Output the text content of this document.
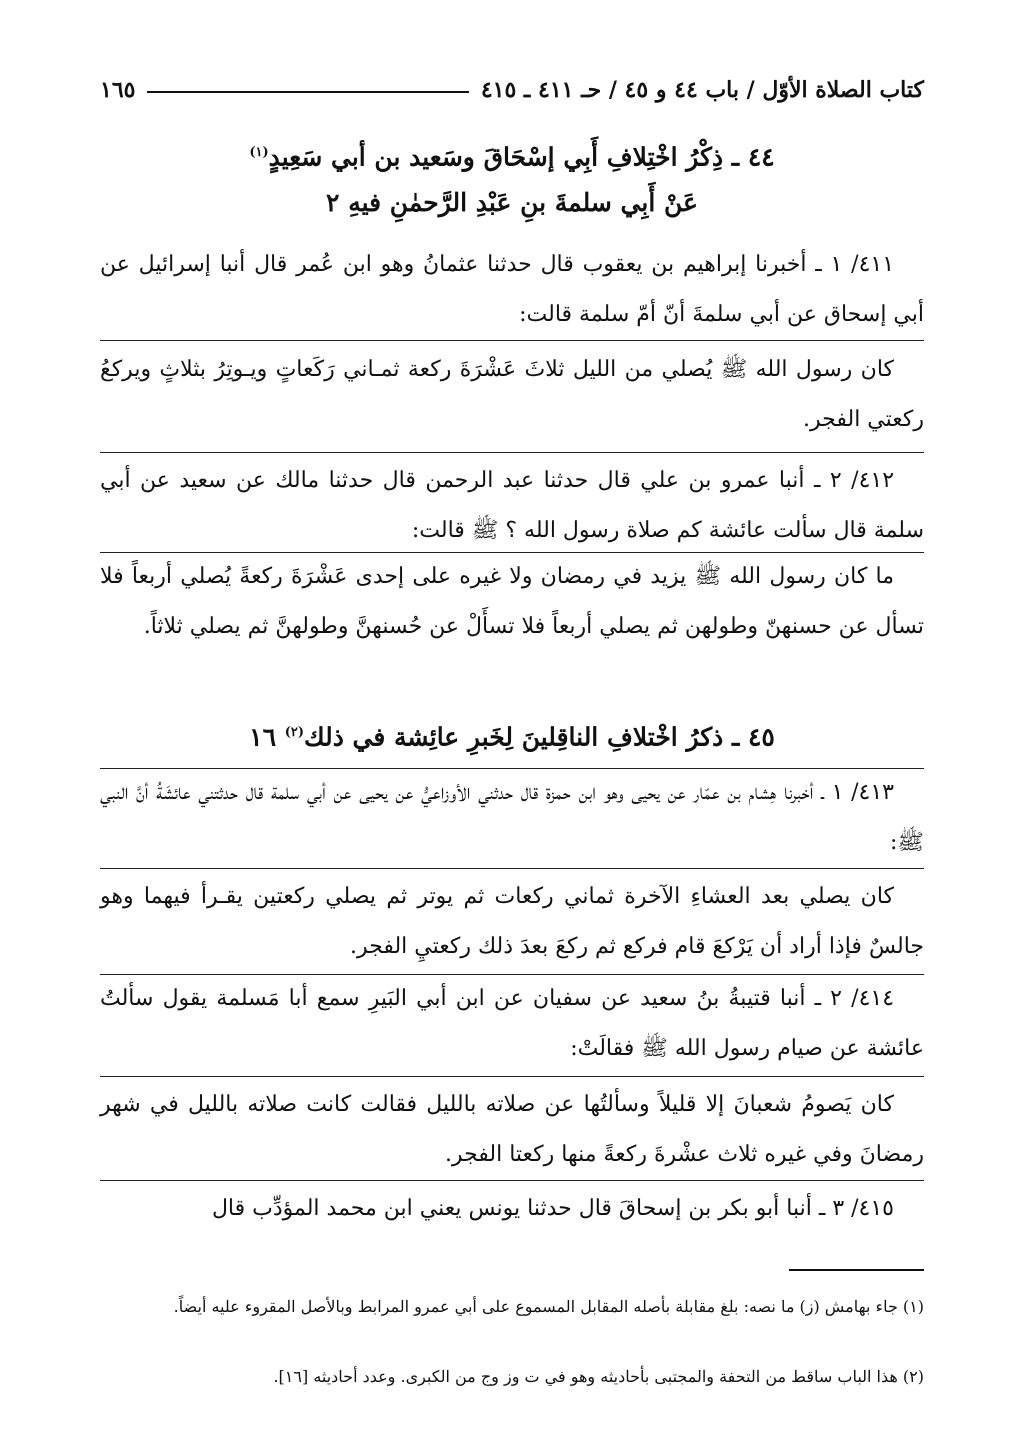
كتاب الصلاة الأوّل / باب ٤٤ و ٤٥ / حـ ٤١١ ـ ٤١٥
١٦٥
٤٤ ـ ذِكْرُ اخْتِلافِ أَبِي إسْحَاقَ وسَعيد بن أبي سَعِيدٍ$^{(١)}$
عَنْ أَبِي سلمةَ بنِ عَبْدِ الرَّحمٰنِ فيهِ ٢
٤١١/ ١ ـ أخبرنا إبراهيم بن يعقوب قال حدثنا عثمانُ وهو ابن عُمر قال أنبا إسرائيل عن أبي إسحاق عن أبي سلمةَ أنّ أمّ سلمة قالت:
كان رسول الله ﷺ يُصلي من الليل ثلاثَ عَشْرَةَ ركعة ثمـاني رَكَعاتٍ ويـوتِرُ بثلاثٍ ويركعُ ركعتي الفجر.
٤١٢/ ٢ ـ أنبا عمرو بن علي قال حدثنا عبد الرحمن قال حدثنا مالك عن سعيد عن أبي سلمة قال سألت عائشة كم صلاة رسول الله ؟ ﷺ قالت:
ما كان رسول الله ﷺ يزيد في رمضان ولا غيره على إحدى عَشْرَةَ ركعةً يُصلي أربعاً فلا تسأل عن حسنهنّ وطولهن ثم يصلي أربعاً فلا تسأَلْ عن حُسنهنَّ وطولهنَّ ثم يصلي ثلاثاً.
٤٥ ـ ذكرُ اخْتلافِ الناقِلينَ لِخَبرِ عائِشة في ذلك$^{(٢)}$ ١٦
٤١٣/ ١ ـ أخبرنا هِشام بن عمّار عن يحيى وهو ابن حمزة قال حدثني الأوزاعيُّ عن يحيى عن أبي سلمة قال حدثتني عائشَةُ أنَّ النبي ﷺ:
كان يصلي بعد العشاءِ الآخرة ثماني ركعات ثم يوتر ثم يصلي ركعتين يقـرأ فيهما وهو جالسٌ فإذا أراد أن يَرْكعَ قام فركع ثم ركعَ بعدَ ذلك ركعتيِ الفجر.
٤١٤/ ٢ ـ أنبا قتيبةُ بنُ سعيد عن سفيان عن ابن أبي البَيرِ سمع أبا مَسلمة يقول سألتُ عائشة عن صيام رسول الله ﷺ فقالَتْ:
كان يَصومُ شعبانَ إلا قليلاً وسألتُها عن صلاته بالليل فقالت كانت صلاته بالليل في شهر رمضانَ وفي غيره ثلاث عشْرةَ ركعةً منها ركعتا الفجر.
٤١٥/ ٣ ـ أنبا أبو بكر بن إسحاقَ قال حدثنا يونس يعني ابن محمد المؤدِّب قال
(١) جاء بهامش (ز) ما نصه: بلغ مقابلة بأصله المقابل المسموع على أبي عمرو المرابط وبالأصل المقروء عليه أيضاً.
(٢) هذا الباب ساقط من التحفة والمجتبى بأحاديثه وهو في ت وز وج من الكبرى. وعدد أحاديثه [١٦].
